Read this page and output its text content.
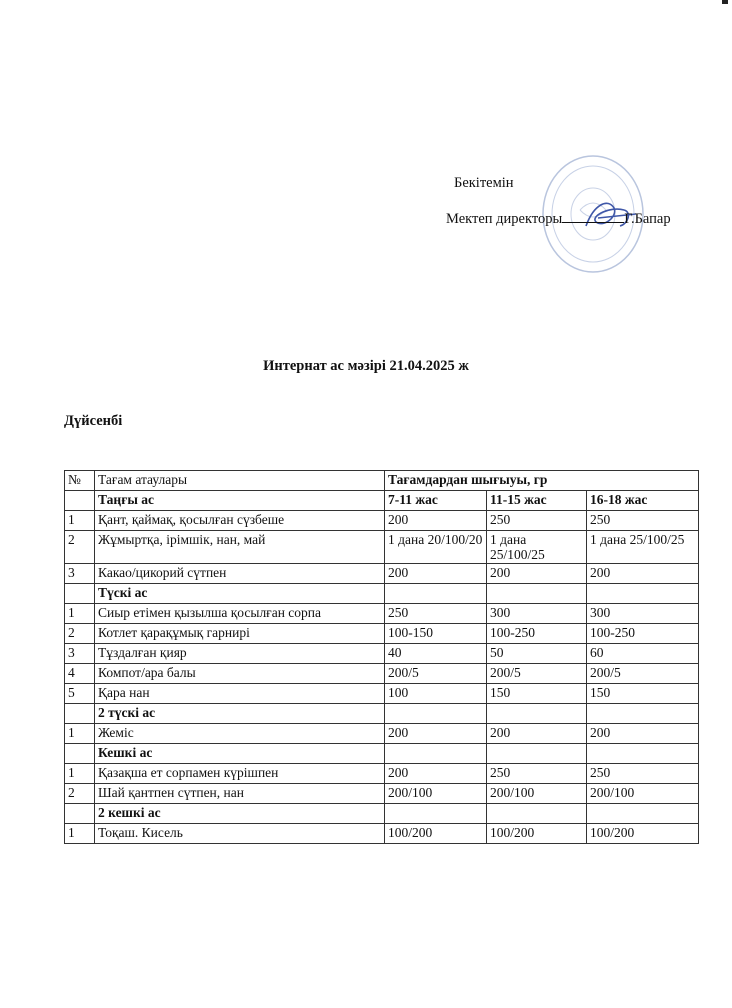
Бекітемін
Мектеп директоры	Г.Бапар
Интернат ас мәзірі 21.04.2025 ж
Дүйсенбі
№	Тағам атаулары	Тағамдардан шығыуы, гр		
	Таңғы ас	7-11 жас	11-15 жас	16-18 жас
1	Қант, қаймақ, қосылған сүзбеше	200	250	250
2	Жұмыртқа, ірімшік, нан, май	1 дана 20/100/20	1 дана 25/100/25	1 дана 25/100/25
3	Какао/цикорий сүтпен	200	200	200
	Түскі ас			
1	Сиыр етімен қызылша қосылған сорпа	250	300	300
2	Котлет қарақұмық гарнирі	100-150	100-250	100-250
3	Тұздалған қияр	40	50	60
4	Компот/ара балы	200/5	200/5	200/5
5	Қара нан	100	150	150
	2 түскі ас			
1	Жеміс	200	200	200
	Кешкі ас			
1	Қазақша ет сорпамен күрішпен	200	250	250
2	Шай қантпен сүтпен, нан	200/100	200/100	200/100
	2 кешкі ас			
1	Тоқаш. Кисель	100/200	100/200	100/200
